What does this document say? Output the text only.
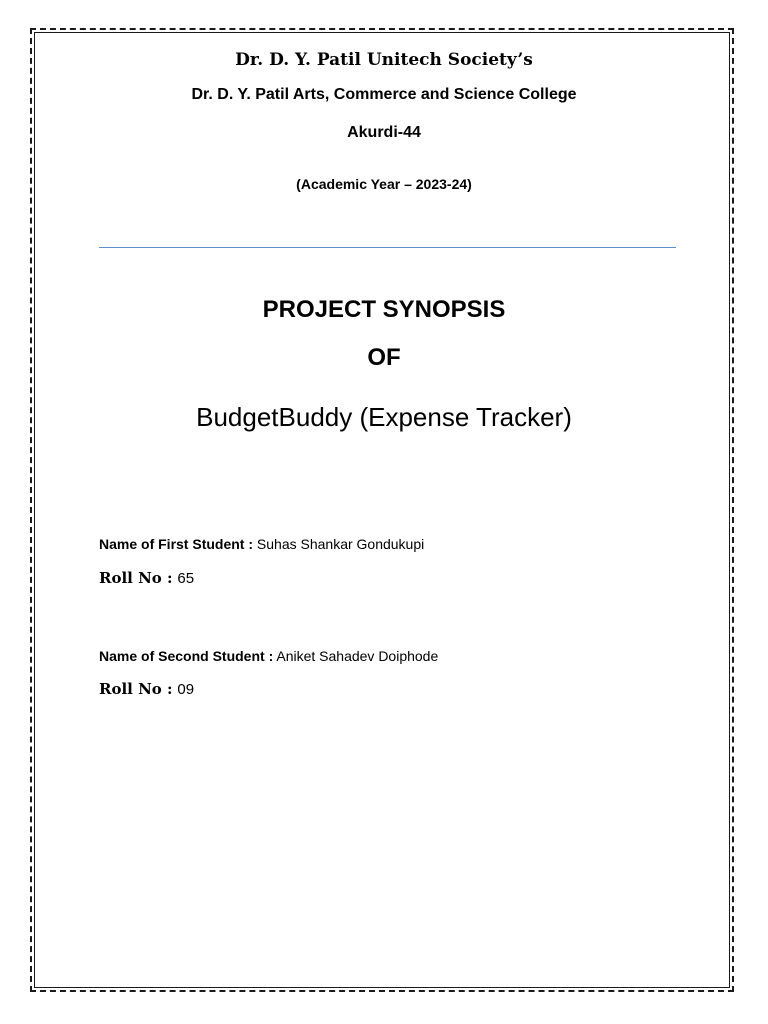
Dr. D. Y. Patil Unitech Society’s
Dr. D. Y. Patil Arts, Commerce and Science College
Akurdi-44
(Academic Year – 2023-24)
PROJECT SYNOPSIS
OF
BudgetBuddy (Expense Tracker)
Name of First Student : Suhas Shankar Gondukupi
Roll No : 65
Name of Second Student : Aniket Sahadev Doiphode
Roll No : 09
